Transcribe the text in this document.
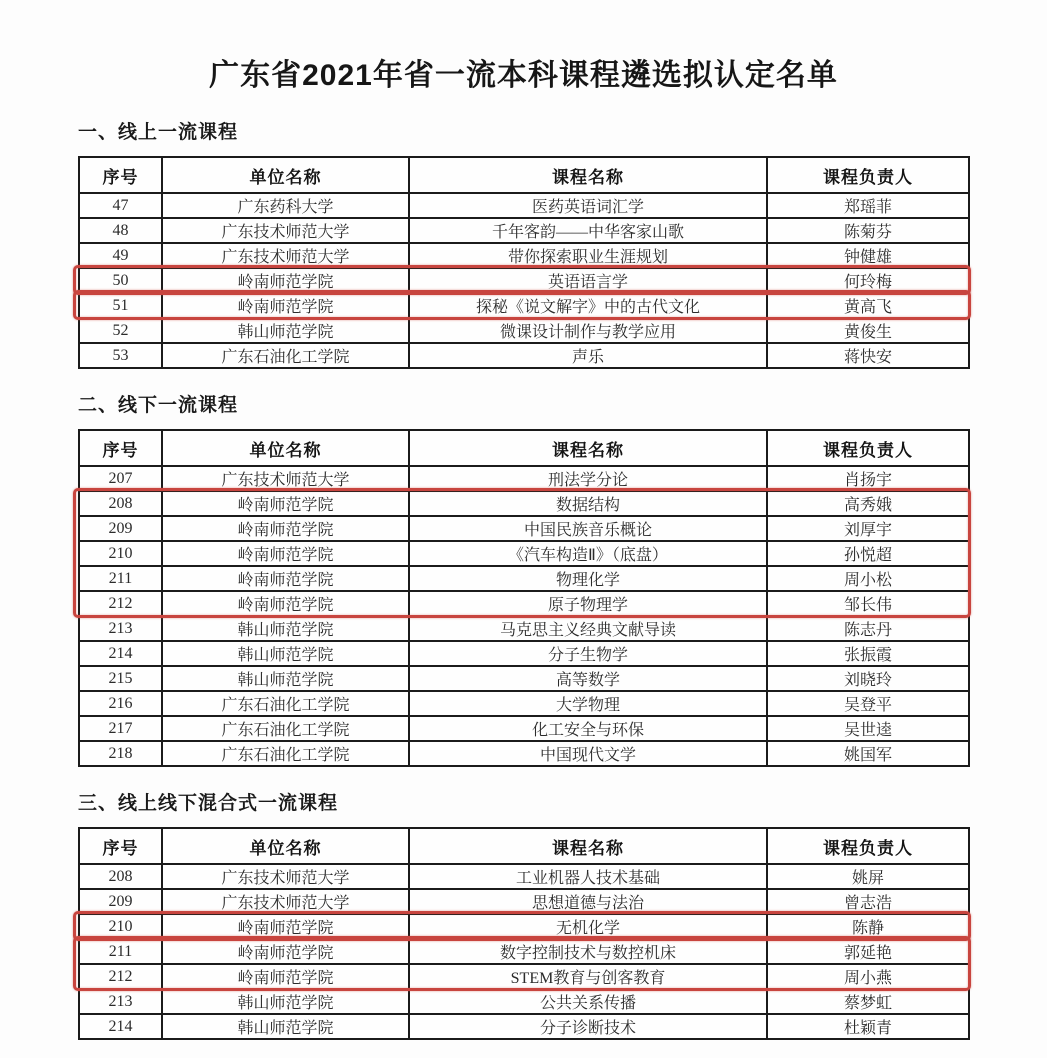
广东省2021年省一流本科课程遴选拟认定名单
一、线上一流课程
序号	单位名称	课程名称	课程负责人
47	广东药科大学	医药英语词汇学	郑瑶菲
48	广东技术师范大学	千年客韵——中华客家山歌	陈菊芬
49	广东技术师范大学	带你探索职业生涯规划	钟健雄
50	岭南师范学院	英语语言学	何玲梅
51	岭南师范学院	探秘《说文解字》中的古代文化	黄高飞
52	韩山师范学院	微课设计制作与教学应用	黄俊生
53	广东石油化工学院	声乐	蒋快安
二、线下一流课程
序号	单位名称	课程名称	课程负责人
207	广东技术师范大学	刑法学分论	肖扬宇
208	岭南师范学院	数据结构	高秀娥
209	岭南师范学院	中国民族音乐概论	刘厚宇
210	岭南师范学院	《汽车构造Ⅱ》（底盘）	孙悦超
211	岭南师范学院	物理化学	周小松
212	岭南师范学院	原子物理学	邹长伟
213	韩山师范学院	马克思主义经典文献导读	陈志丹
214	韩山师范学院	分子生物学	张振霞
215	韩山师范学院	高等数学	刘晓玲
216	广东石油化工学院	大学物理	吴登平
217	广东石油化工学院	化工安全与环保	吴世逵
218	广东石油化工学院	中国现代文学	姚国军
三、线上线下混合式一流课程
序号	单位名称	课程名称	课程负责人
208	广东技术师范大学	工业机器人技术基础	姚屏
209	广东技术师范大学	思想道德与法治	曾志浩
210	岭南师范学院	无机化学	陈静
211	岭南师范学院	数字控制技术与数控机床	郭延艳
212	岭南师范学院	STEM教育与创客教育	周小燕
213	韩山师范学院	公共关系传播	蔡梦虹
214	韩山师范学院	分子诊断技术	杜颖青
